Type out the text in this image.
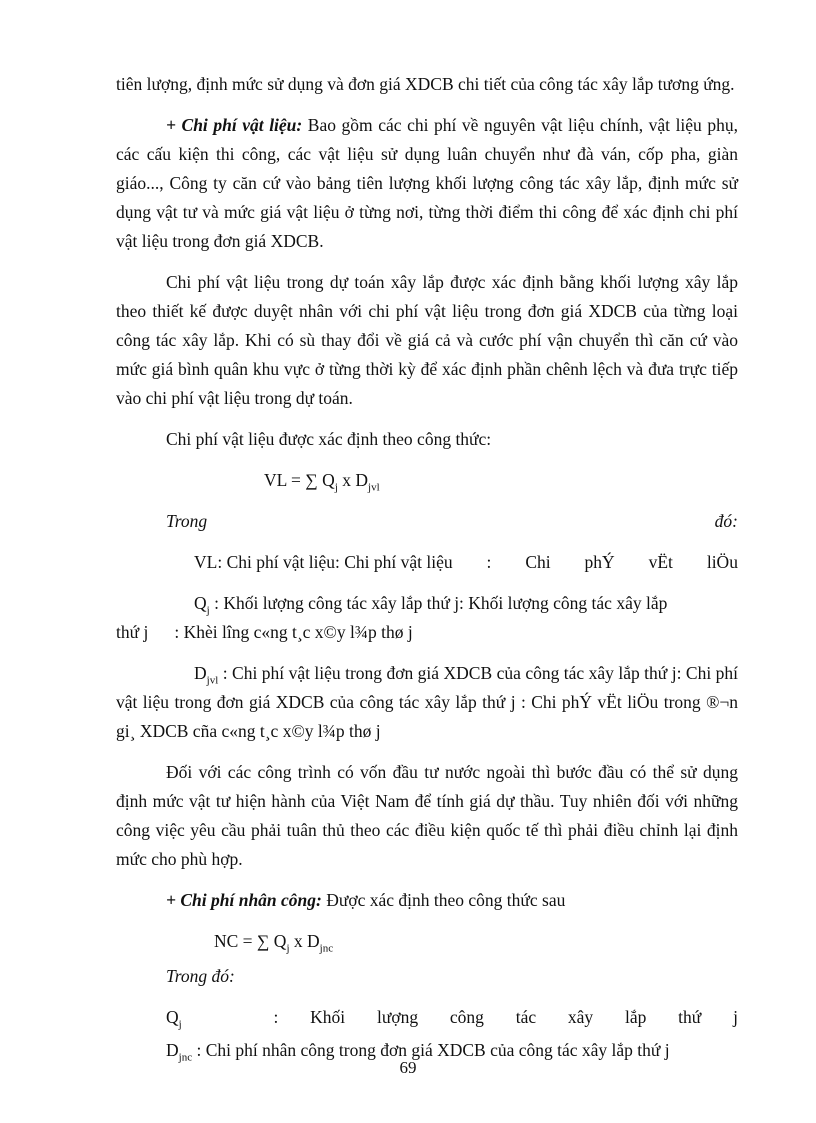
tiên lượng, định mức sử dụng và đơn giá XDCB chi tiết của công tác xây lắp tương ứng.

+ Chi phí vật liệu: Bao gồm các chi phí về nguyên vật liệu chính, vật liệu phụ, các cấu kiện thi công, các vật liệu sử dụng luân chuyển như đà ván, cốp pha, giàn giáo..., Công ty căn cứ vào bảng tiên lượng khối lượng công tác xây lắp, định mức sử dụng vật tư và mức giá vật liệu ở từng nơi, từng thời điểm thi công để xác định chi phí vật liệu trong đơn giá XDCB.

Chi phí vật liệu trong dự toán xây lắp được xác định bằng khối lượng xây lắp theo thiết kế được duyệt nhân với chi phí vật liệu trong đơn giá XDCB của từng loại công tác xây lắp. Khi có sù thay đổi về giá cả và cước phí vận chuyển thì căn cứ vào mức giá bình quân khu vực ở từng thời kỳ để xác định phần chênh lệch và đưa trực tiếp vào chi phí vật liệu trong dự toán.

Chi phí vật liệu được xác định theo công thức:

VL = ∑ $Q_j$ x $D_{jvl}$

Trong	đó:
VL: Chi phí vật liệu: Chi phí vật liệu : Chi phÝ vËt liÖu

$Q_j$ : Khối lượng công tác xây lắp thứ j: Khối lượng công tác xây lắp

thứ j : Khèi lîng c«ng t¸c x©y l¾p thø j

$D_{jvl}$ : Chi phí vật liệu trong đơn giá XDCB của công tác xây lắp thứ j: Chi phí vật liệu trong đơn giá XDCB của công tác xây lắp thứ j : Chi phÝ vËt liÖu trong ®¬n gi¸ XDCB cña c«ng t¸c x©y l¾p thø j

Đối với các công trình có vốn đầu tư nước ngoài thì bước đầu có thể sử dụng định mức vật tư hiện hành của Việt Nam để tính giá dự thầu. Tuy nhiên đối với những công việc yêu cầu phải tuân thủ theo các điều kiện quốc tế thì phải điều chỉnh lại định mức cho phù hợp.

+ Chi phí nhân công: Được xác định theo công thức sau

NC = ∑ $Q_j$ x $D_{jnc}$

Trong đó:

$Q_j$	: Khối lượng công tác xây lắp thứ j

$D_{jnc}$ : Chi phí nhân công trong đơn giá XDCB của công tác xây lắp thứ j

69
